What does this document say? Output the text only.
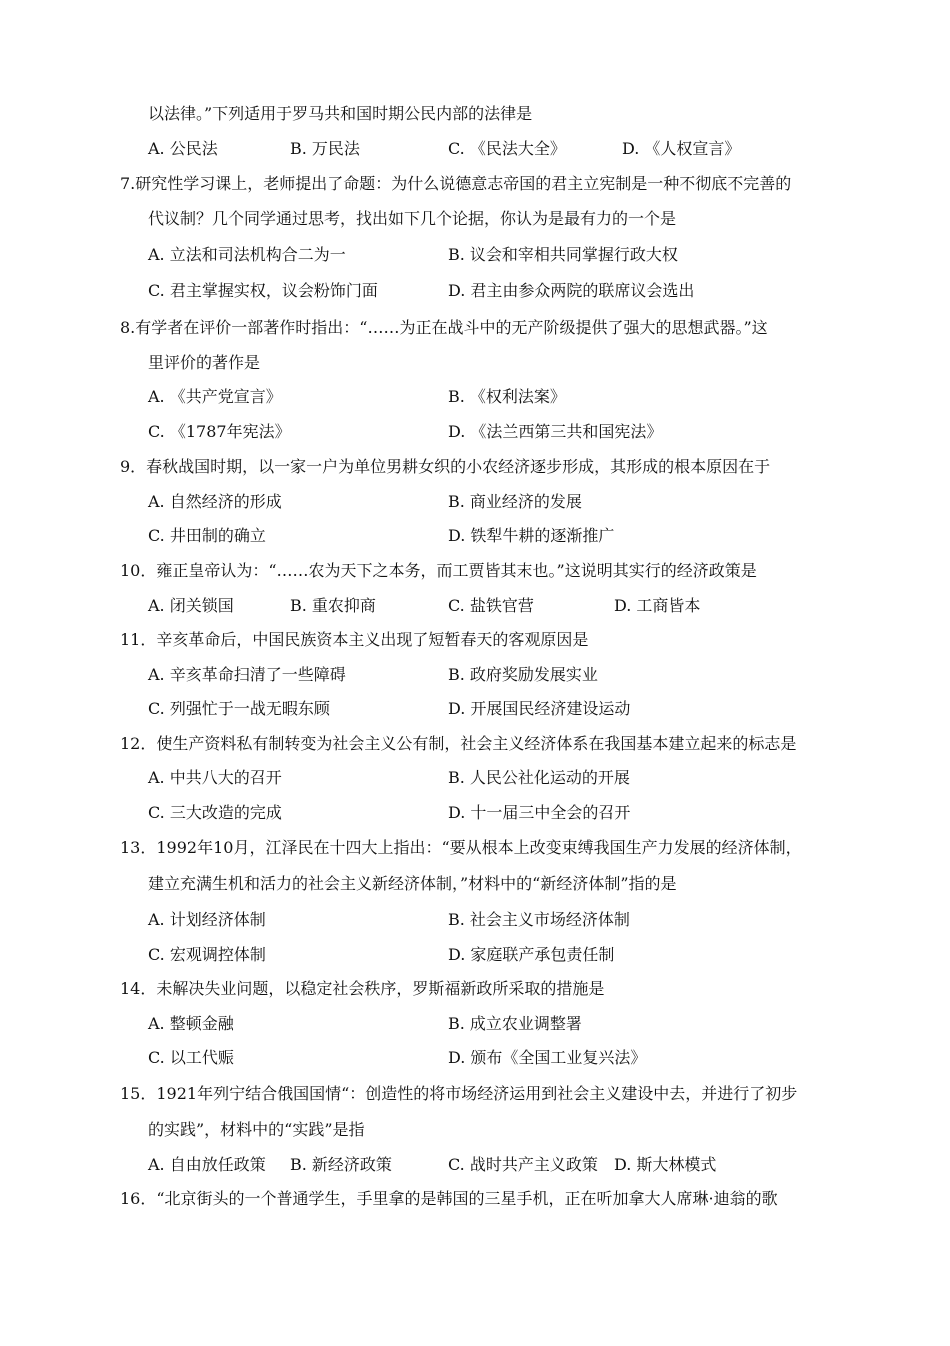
以法律。”下列适用于罗马共和国时期公民内部的法律是
A. 公民法	B. 万民法	C. 《民法大全》	D. 《人权宣言》
7.研究性学习课上，老师提出了命题：为什么说德意志帝国的君主立宪制是一种不彻底不完善的
代议制？几个同学通过思考，找出如下几个论据，你认为是最有力的一个是
A. 立法和司法机构合二为一	B. 议会和宰相共同掌握行政大权
C. 君主掌握实权，议会粉饰门面	D. 君主由参众两院的联席议会选出
8.有学者在评价一部著作时指出：“……为正在战斗中的无产阶级提供了强大的思想武器。”这
里评价的著作是
A. 《共产党宣言》	B. 《权利法案》
C. 《1787年宪法》	D. 《法兰西第三共和国宪法》
9．春秋战国时期，以一家一户为单位男耕女织的小农经济逐步形成，其形成的根本原因在于
A. 自然经济的形成	B. 商业经济的发展
C. 井田制的确立	D. 铁犁牛耕的逐渐推广
10．雍正皇帝认为：“……农为天下之本务，而工贾皆其末也。”这说明其实行的经济政策是
A. 闭关锁国	B. 重农抑商	C. 盐铁官营	D. 工商皆本
11．辛亥革命后，中国民族资本主义出现了短暂春天的客观原因是
A. 辛亥革命扫清了一些障碍	B. 政府奖励发展实业
C. 列强忙于一战无暇东顾	D. 开展国民经济建设运动
12．使生产资料私有制转变为社会主义公有制，社会主义经济体系在我国基本建立起来的标志是
A. 中共八大的召开	B. 人民公社化运动的开展
C. 三大改造的完成	D. 十一届三中全会的召开
13．1992年10月，江泽民在十四大上指出：“要从根本上改变束缚我国生产力发展的经济体制，
建立充满生机和活力的社会主义新经济体制，”材料中的“新经济体制”指的是
A. 计划经济体制	B. 社会主义市场经济体制
C. 宏观调控体制	D. 家庭联产承包责任制
14．未解决失业问题，以稳定社会秩序，罗斯福新政所采取的措施是
A. 整顿金融	B. 成立农业调整署
C. 以工代赈	D. 颁布《全国工业复兴法》
15．1921年列宁结合俄国国情“：创造性的将市场经济运用到社会主义建设中去，并进行了初步
的实践”，材料中的“实践”是指
A. 自由放任政策 B. 新经济政策	C. 战时共产主义政策 D. 斯大林模式
16．“北京街头的一个普通学生，手里拿的是韩国的三星手机，正在听加拿大人席琳·迪翁的歌
